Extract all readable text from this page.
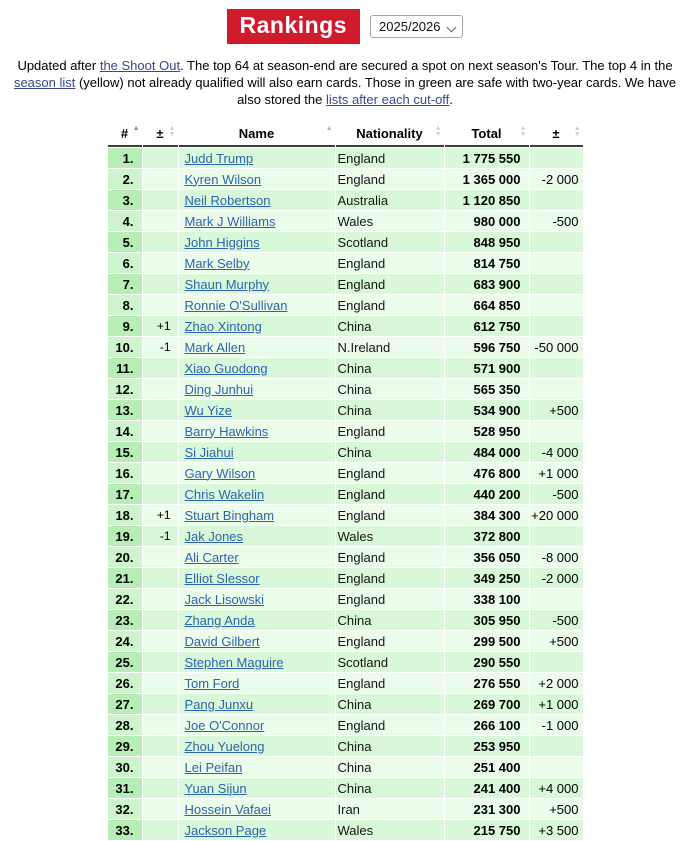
Rankings	2025/2026

Updated after the Shoot Out. The top 64 at season-end are secured a spot on next season's Tour. The top 4 in the season list (yellow) not already qualified will also earn cards. Those in green are safe with two-year cards. We have also stored the lists after each cut-off.

# ▲	± ▲
▼	Name ▲	Nationality ▲
▼	Total ▲
▼	± ▲
▼

1.		Judd Trump	England	1 775 550	
2.		Kyren Wilson	England	1 365 000	-2 000
3.		Neil Robertson	Australia	1 120 850	
4.		Mark J Williams	Wales	980 000	-500
5.		John Higgins	Scotland	848 950	
6.		Mark Selby	England	814 750	
7.		Shaun Murphy	England	683 900	
8.		Ronnie O'Sullivan	England	664 850	
9.	+1	Zhao Xintong	China	612 750	
10.	-1	Mark Allen	N.Ireland	596 750	-50 000
11.		Xiao Guodong	China	571 900	
12.		Ding Junhui	China	565 350	
13.		Wu Yize	China	534 900	+500
14.		Barry Hawkins	England	528 950	
15.		Si Jiahui	China	484 000	-4 000
16.		Gary Wilson	England	476 800	+1 000
17.		Chris Wakelin	England	440 200	-500
18.	+1	Stuart Bingham	England	384 300	+20 000
19.	-1	Jak Jones	Wales	372 800	
20.		Ali Carter	England	356 050	-8 000
21.		Elliot Slessor	England	349 250	-2 000
22.		Jack Lisowski	England	338 100	
23.		Zhang Anda	China	305 950	-500
24.		David Gilbert	England	299 500	+500
25.		Stephen Maguire	Scotland	290 550	
26.		Tom Ford	England	276 550	+2 000
27.		Pang Junxu	China	269 700	+1 000
28.		Joe O'Connor	England	266 100	-1 000
29.		Zhou Yuelong	China	253 950	
30.		Lei Peifan	China	251 400	
31.		Yuan Sijun	China	241 400	+4 000
32.		Hossein Vafaei	Iran	231 300	+500
33.		Jackson Page	Wales	215 750	+3 500
